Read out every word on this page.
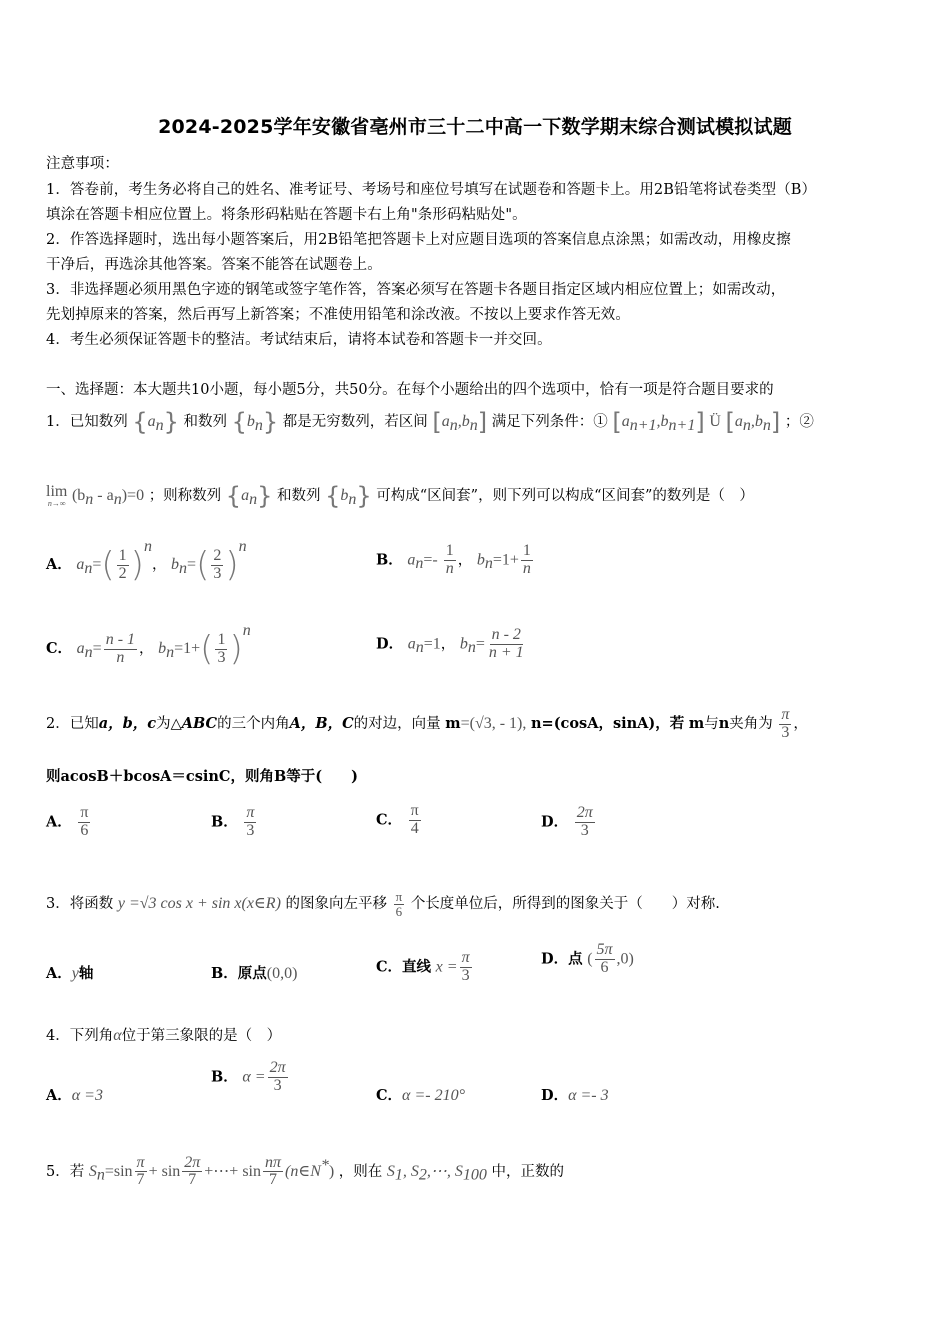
2024-2025学年安徽省亳州市三十二中高一下数学期末综合测试模拟试题
注意事项：
1．答卷前，考生务必将自己的姓名、准考证号、考场号和座位号填写在试题卷和答题卡上。用2B铅笔将试卷类型（B）
填涂在答题卡相应位置上。将条形码粘贴在答题卡右上角"条形码粘贴处"。
2．作答选择题时，选出每小题答案后，用2B铅笔把答题卡上对应题目选项的答案信息点涂黑；如需改动，用橡皮擦
干净后，再选涂其他答案。答案不能答在试题卷上。
3．非选择题必须用黑色字迹的钢笔或签字笔作答，答案必须写在答题卡各题目指定区域内相应位置上；如需改动，
先划掉原来的答案，然后再写上新答案；不准使用铅笔和涂改液。不按以上要求作答无效。
4．考生必须保证答题卡的整洁。考试结束后，请将本试卷和答题卡一并交回。
一、选择题：本大题共10小题，每小题5分，共50分。在每个小题给出的四个选项中，恰有一项是符合题目要求的
1．已知数列 $\{a_n\}$ 和数列 $\{b_n\}$ 都是无穷数列，若区间 $[a_n,b_n]$ 满足下列条件：① $[a_{n+1},b_{n+1}]$ Ü $[a_n,b_n]$ ；②
lim
n→∞ $(b_n - a_n)=0$ ；则称数列 $\{a_n\}$ 和数列 $\{b_n\}$ 可构成“区间套”，则下列可以构成“区间套”的数列是（　）
A． $a_n=( \frac{1}{2} )^n$， $b_n=( \frac{2}{3} )^n$
B． $a_n=- \frac{1}{n}$ ， $b_n=1+ \frac{1}{n}$
C． $a_n= \frac{n - 1}{n}$ ， $b_n=1+( \frac{1}{3} )^n$
D． $a_n=1$， $b_n= \frac{n - 2}{n + 1}$
2．已知a，b，c为△ABC的三个内角A，B，C的对边，向量 m=(√3, - 1), n=(cosA，sinA)，若 m与n夹角为 $\frac{\pi}{3}$ ，
则acosB＋bcosA＝csinC，则角B等于(　　)
A． $\frac{\pi}{6}$	B． $\frac{\pi}{3}$	C． $\frac{\pi}{4}$	D． $\frac{2\pi}{3}$
3．将函数 y =√3 cos x + sin x(x∈R) 的图象向左平移 $\frac{\pi}{6}$ 个长度单位后，所得到的图象关于（　　）对称.
A．y轴	B．原点(0,0)	C．直线 $x = \frac{\pi}{3}$	D．点 ( $\frac{5\pi}{6} ,0$)
4．下列角α位于第三象限的是（　）
A．α =3
B． $\alpha = \frac{2\pi}{3}$
C．α =- 210°	D．α =- 3
5．若 $S_n=\sin \frac{\pi}{7} + \sin \frac{2\pi}{7}$ +⋯+ $\sin \frac{n\pi}{7}$ (n∈N*) ，则在 $S_1$, $S_2,\cdots$, $S_{100}$ 中，正数的
